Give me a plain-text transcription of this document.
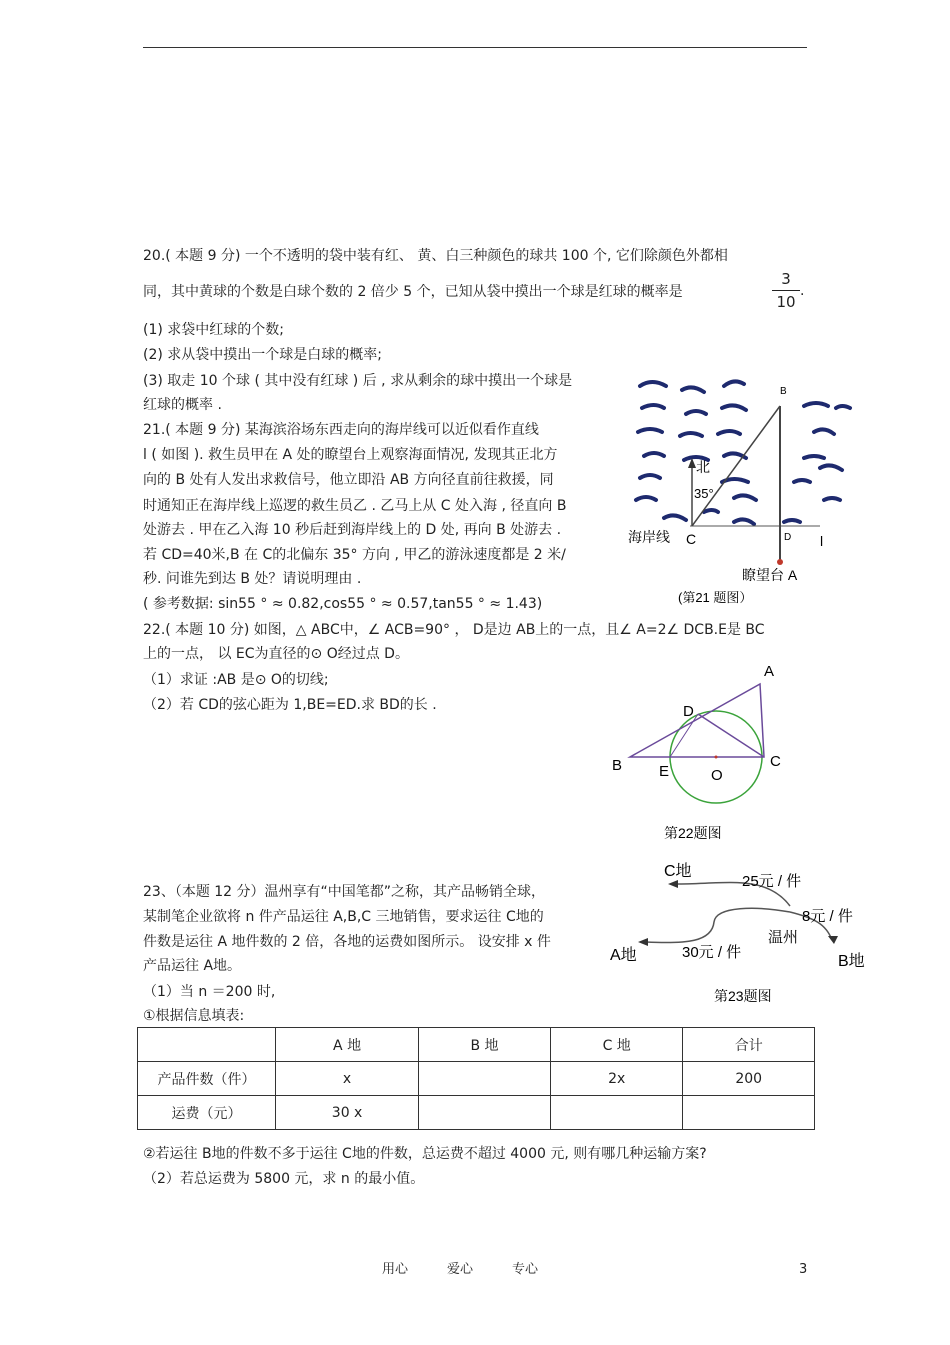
20.( 本题 9 分) 一个不透明的袋中装有红、 黄、白三种颜色的球共 100 个, 它们除颜色外都相
同，其中黄球的个数是白球个数的 2 倍少 5 个，已知从袋中摸出一个球是红球的概率是
3
10
.
(1) 求袋中红球的个数;
(2) 求从袋中摸出一个球是白球的概率;
(3) 取走 10 个球 ( 其中没有红球 ) 后 , 求从剩余的球中摸出一个球是
红球的概率 .
21.( 本题 9 分) 某海滨浴场东西走向的海岸线可以近似看作直线
l ( 如图 ). 救生员甲在 A 处的瞭望台上观察海面情况, 发现其正北方
向的 B 处有人发出求救信号，他立即沿 AB 方向径直前往救援，同
时通知正在海岸线上巡逻的救生员乙 . 乙马上从 C 处入海 , 径直向 B
处游去 . 甲在乙入海 10 秒后赶到海岸线上的 D 处, 再向 B 处游去 .
若 CD=40米,B 在 C的北偏东 35° 方向 , 甲乙的游泳速度都是 2 米/
秒. 问谁先到达 B 处？请说明理由 .
( 参考数据: sin55 ° ≈ 0.82,cos55 ° ≈ 0.57,tan55 ° ≈ 1.43)
B
北
35°
海岸线 C	D l
瞭望台 A
(第21 题图）
22.( 本题 10 分) 如图，△ ABC中，∠ ACB=90° ， D是边 AB上的一点，且∠ A=2∠ DCB.E是 BC
上的一点， 以 EC为直径的⊙ O经过点 D。
（1）求证 :AB 是⊙ O的切线;
（2）若 CD的弦心距为 1,BE=ED.求 BD的长 .
A
D
B E	O
C
第22题图
23、（本题 12 分）温州享有“中国笔都”之称，其产品畅销全球，
某制笔企业欲将 n 件产品运往 A,B,C 三地销售，要求运往 C地的
件数是运往 A 地件数的 2 倍，各地的运费如图所示。 设安排 x 件
产品运往 A地。
（1）当 n ＝200 时,
①根据信息填表:
C地
25元 / 件
8元 / 件
温州
A地	30元 / 件
B地
第23题图
	A 地	B 地	C 地	合计
产品件数（件）	x		2x	200
运费（元）	30 x			
②若运往 B地的件数不多于运往 C地的件数，总运费不超过 4000 元, 则有哪几种运输方案?
（2）若总运费为 5800 元，求 n 的最小值。
用心	爱心	专心	3
